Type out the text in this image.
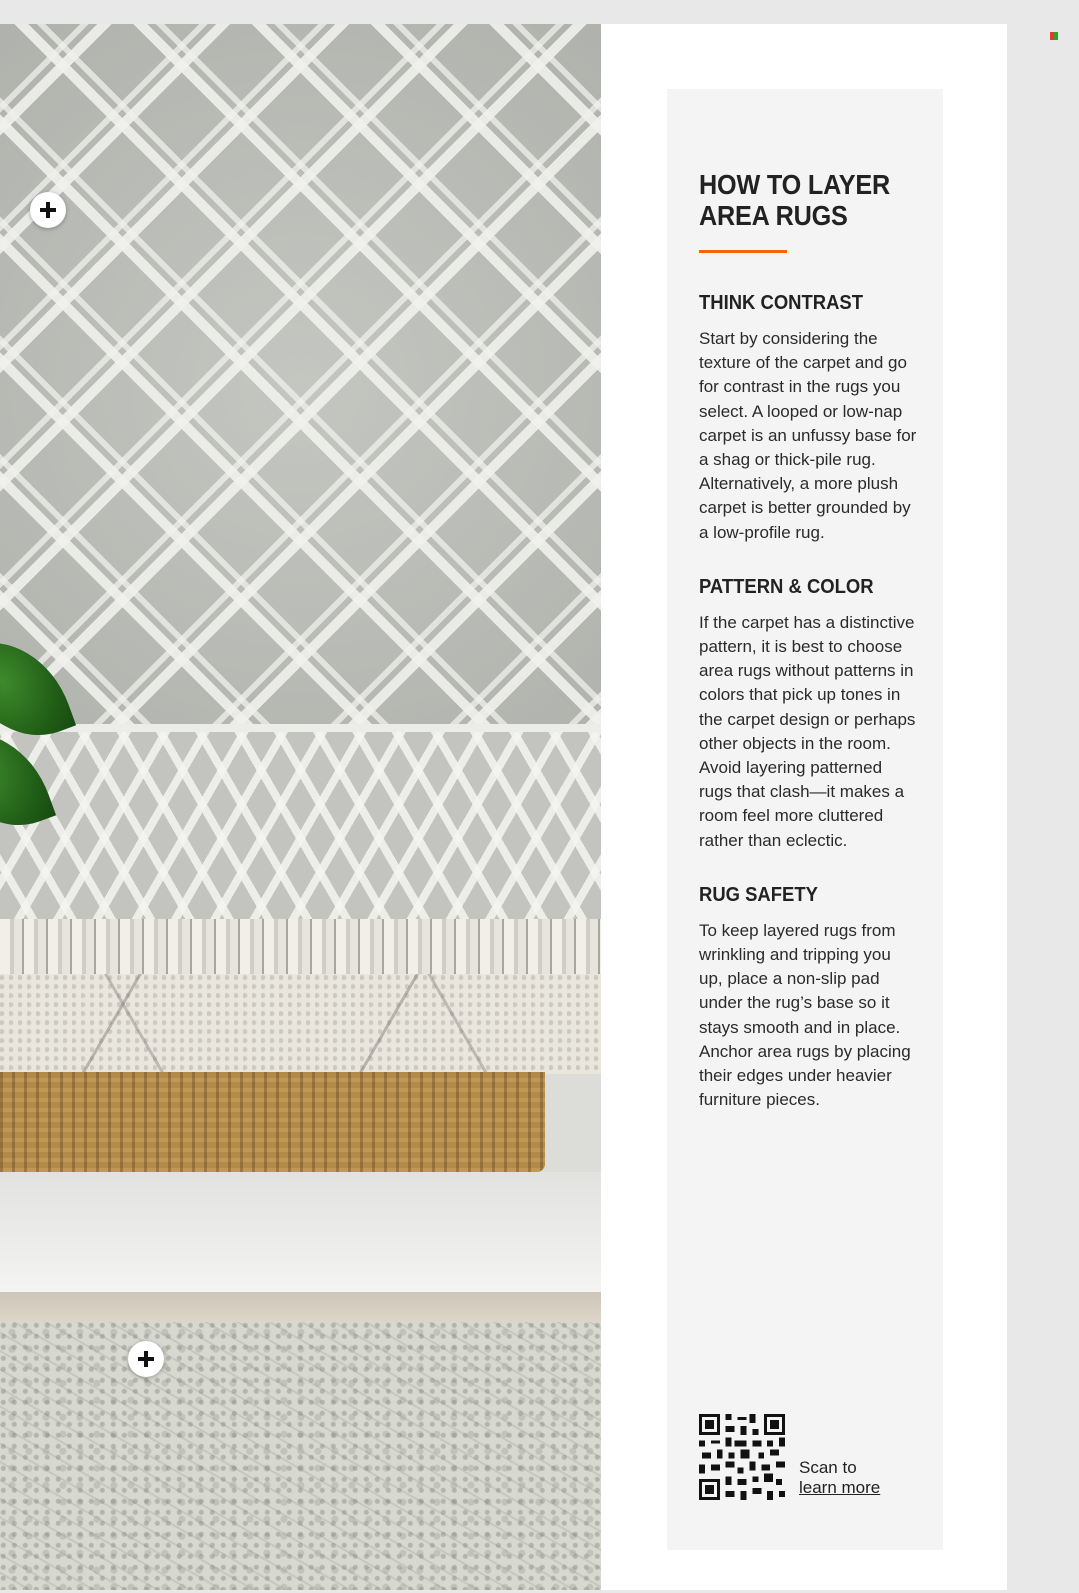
HOW TO LAYER
AREA RUGS
THINK CONTRAST

Start by considering the texture of the carpet and go for contrast in the rugs you select. A looped or low-nap carpet is an unfussy base for a shag or thick-pile rug. Alternatively, a more plush carpet is better grounded by a low-profile rug.

PATTERN & COLOR

If the carpet has a distinctive pattern, it is best to choose area rugs without patterns in colors that pick up tones in the carpet design or perhaps other objects in the room. Avoid layering patterned rugs that clash—it makes a room feel more cluttered rather than eclectic.

RUG SAFETY

To keep layered rugs from wrinkling and tripping you up, place a non-slip pad under the rug’s base so it stays smooth and in place. Anchor area rugs by placing their edges under heavier furniture pieces.

Scan to
learn more
